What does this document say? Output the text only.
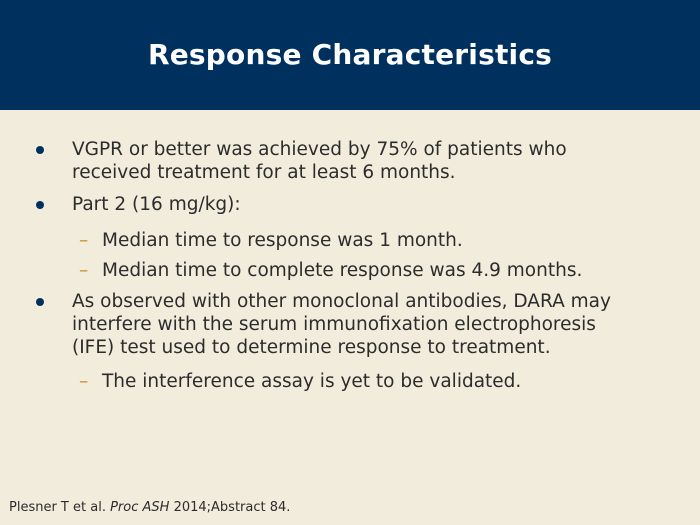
Response Characteristics
VGPR or better was achieved by 75% of patients who
received treatment for at least 6 months.
Part 2 (16 mg/kg):
– Median time to response was 1 month.
– Median time to complete response was 4.9 months.
As observed with other monoclonal antibodies, DARA may
interfere with the serum immunofixation electrophoresis
(IFE) test used to determine response to treatment.
– The interference assay is yet to be validated.
Plesner T et al. Proc ASH 2014;Abstract 84.
